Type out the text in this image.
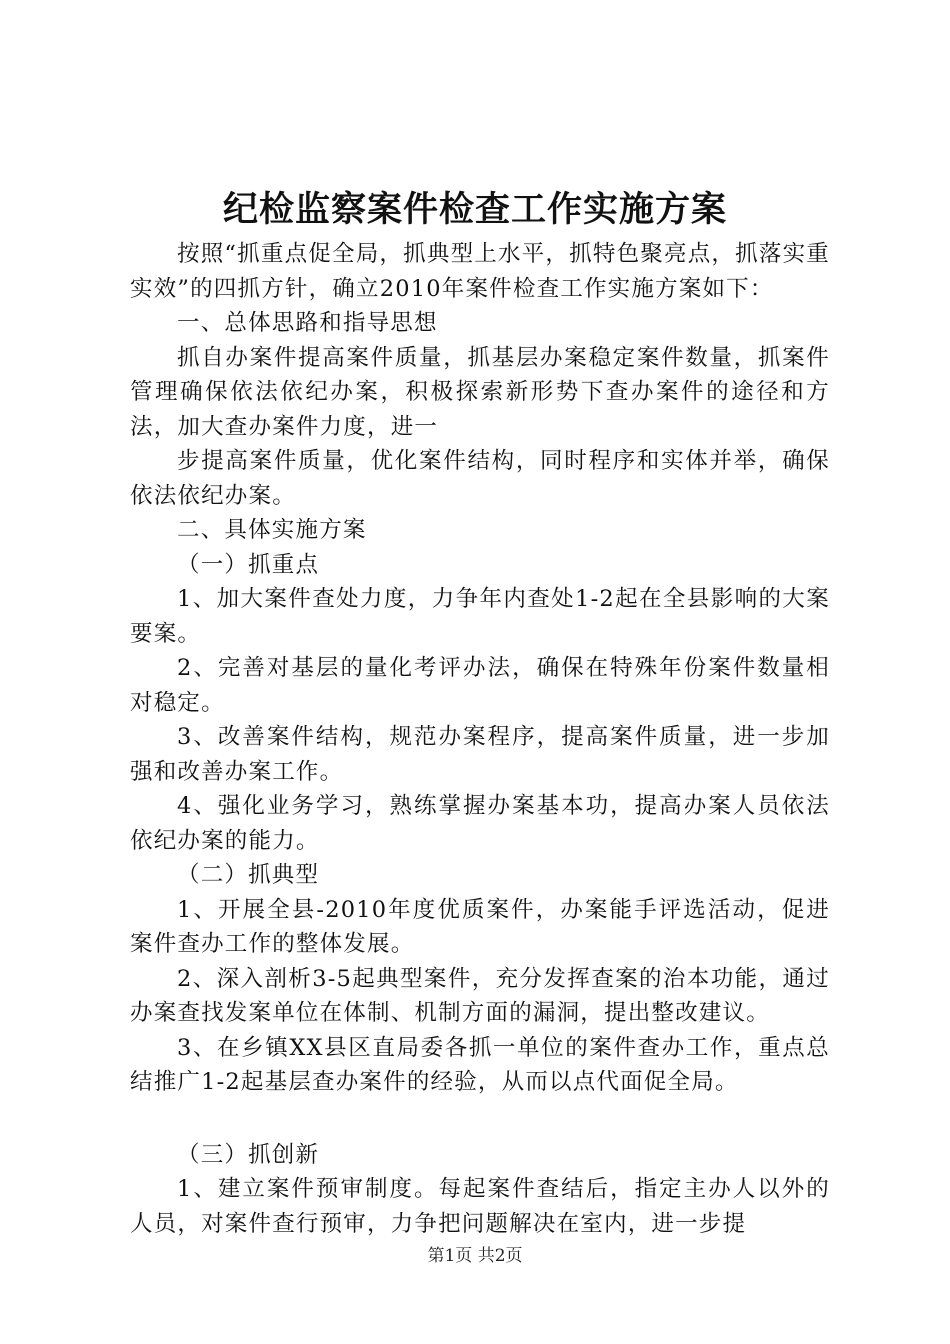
纪检监察案件检查工作实施方案

按照“抓重点促全局，抓典型上水平，抓特色聚亮点，抓落实重实效”的四抓方针，确立2010年案件检查工作实施方案如下：

一、总体思路和指导思想

抓自办案件提高案件质量，抓基层办案稳定案件数量，抓案件管理确保依法依纪办案，积极探索新形势下查办案件的途径和方法，加大查办案件力度，进一

步提高案件质量，优化案件结构，同时程序和实体并举，确保依法依纪办案。

二、具体实施方案

（一）抓重点

1、加大案件查处力度，力争年内查处1-2起在全县影响的大案要案。

2、完善对基层的量化考评办法，确保在特殊年份案件数量相对稳定。

3、改善案件结构，规范办案程序，提高案件质量，进一步加强和改善办案工作。

4、强化业务学习，熟练掌握办案基本功，提高办案人员依法依纪办案的能力。

（二）抓典型

1、开展全县-2010年度优质案件，办案能手评选活动，促进案件查办工作的整体发展。

2、深入剖析3-5起典型案件，充分发挥查案的治本功能，通过办案查找发案单位在体制、机制方面的漏洞，提出整改建议。

3、在乡镇XX县区直局委各抓一单位的案件查办工作，重点总结推广1-2起基层查办案件的经验，从而以点代面促全局。

（三）抓创新

1、建立案件预审制度。每起案件查结后，指定主办人以外的人员，对案件查行预审，力争把问题解决在室内，进一步提

第1页 共2页
